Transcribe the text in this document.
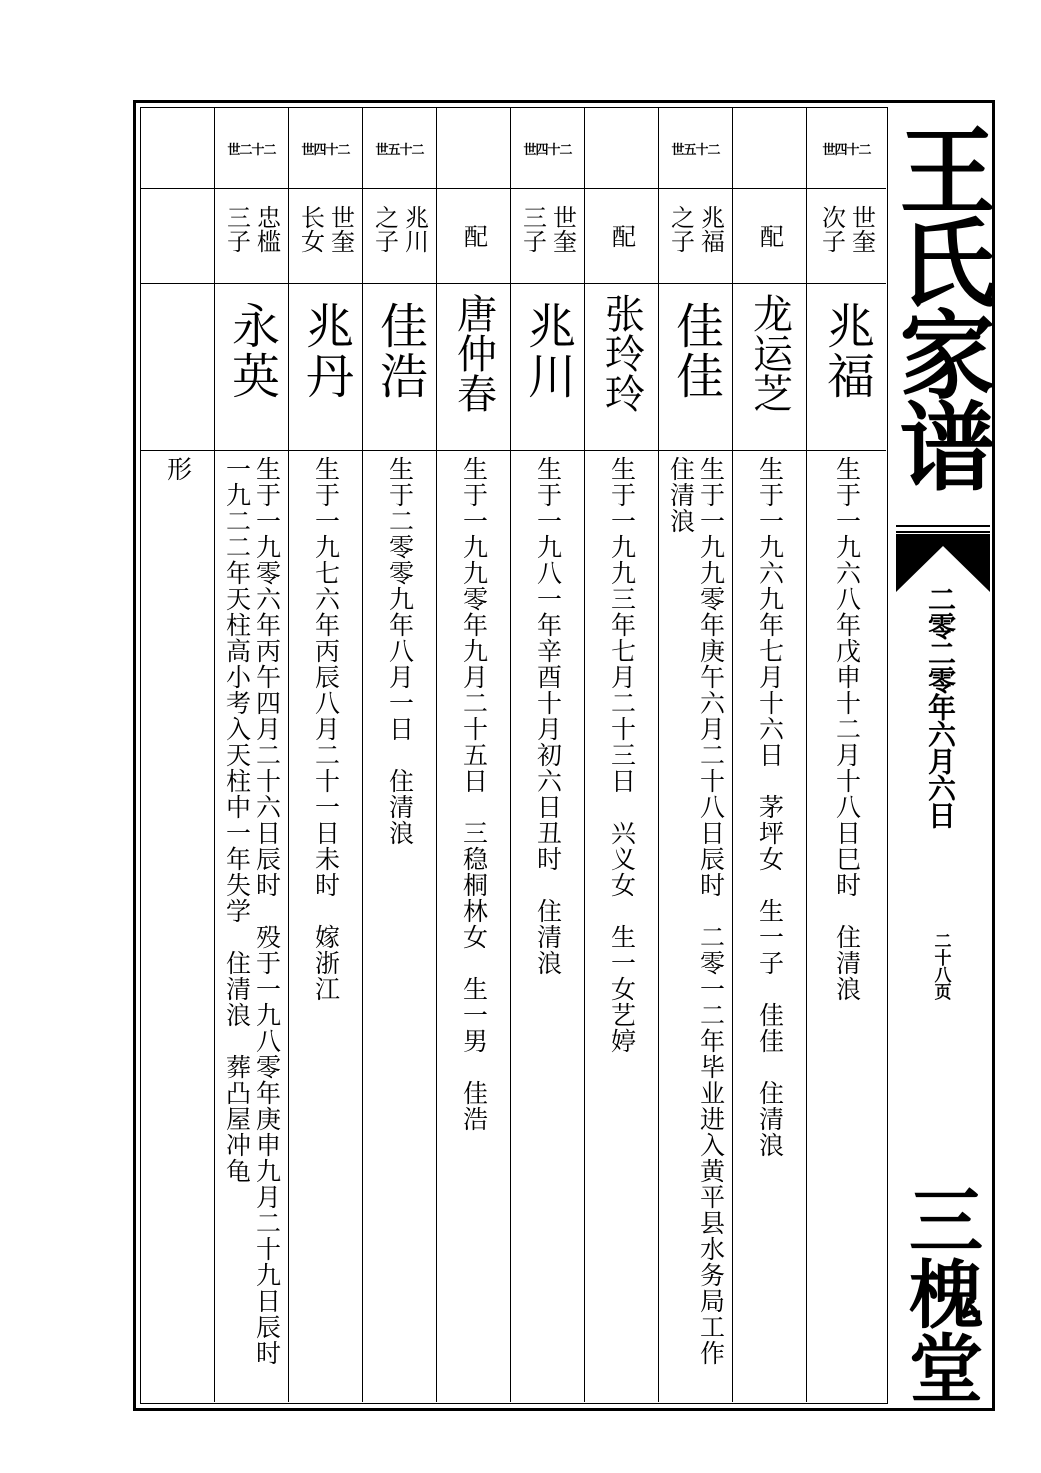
形
世二十二
忠槛三子
永英
生于一九零六年丙午四月二十六日辰时　殁于一九八零年庚申九月二十九日辰时　一九二二年天柱高小考入天柱中一年失学　住清浪　葬凸屋冲龟
世四十二
世奎长女
兆丹
生于一九七六年丙辰八月二十一日未时　嫁浙江
世五十二
兆川之子
佳浩
生于二零零九年八月一日　住清浪
配
唐仲春
生于一九九零年九月二十五日　三稳桐林女　生一男　佳浩
世四十二
世奎三子
兆川
生于一九八一年辛酉十月初六日丑时　住清浪
配
张玲玲
生于一九九三年七月二十三日　兴义女　生一女艺婷
世五十二
兆福之子
佳佳
生于一九九零年庚午六月二十八日辰时　二零一二年毕业进入黄平县水务局工作　住清浪
配
龙运芝
生于一九六九年七月十六日　茅坪女　生一子　佳佳　住清浪
世四十二
世奎次子
兆福
生于一九六八年戊申十二月十八日巳时　住清浪
王氏家谱
二零二零年六月六日
二十八页
三槐堂
